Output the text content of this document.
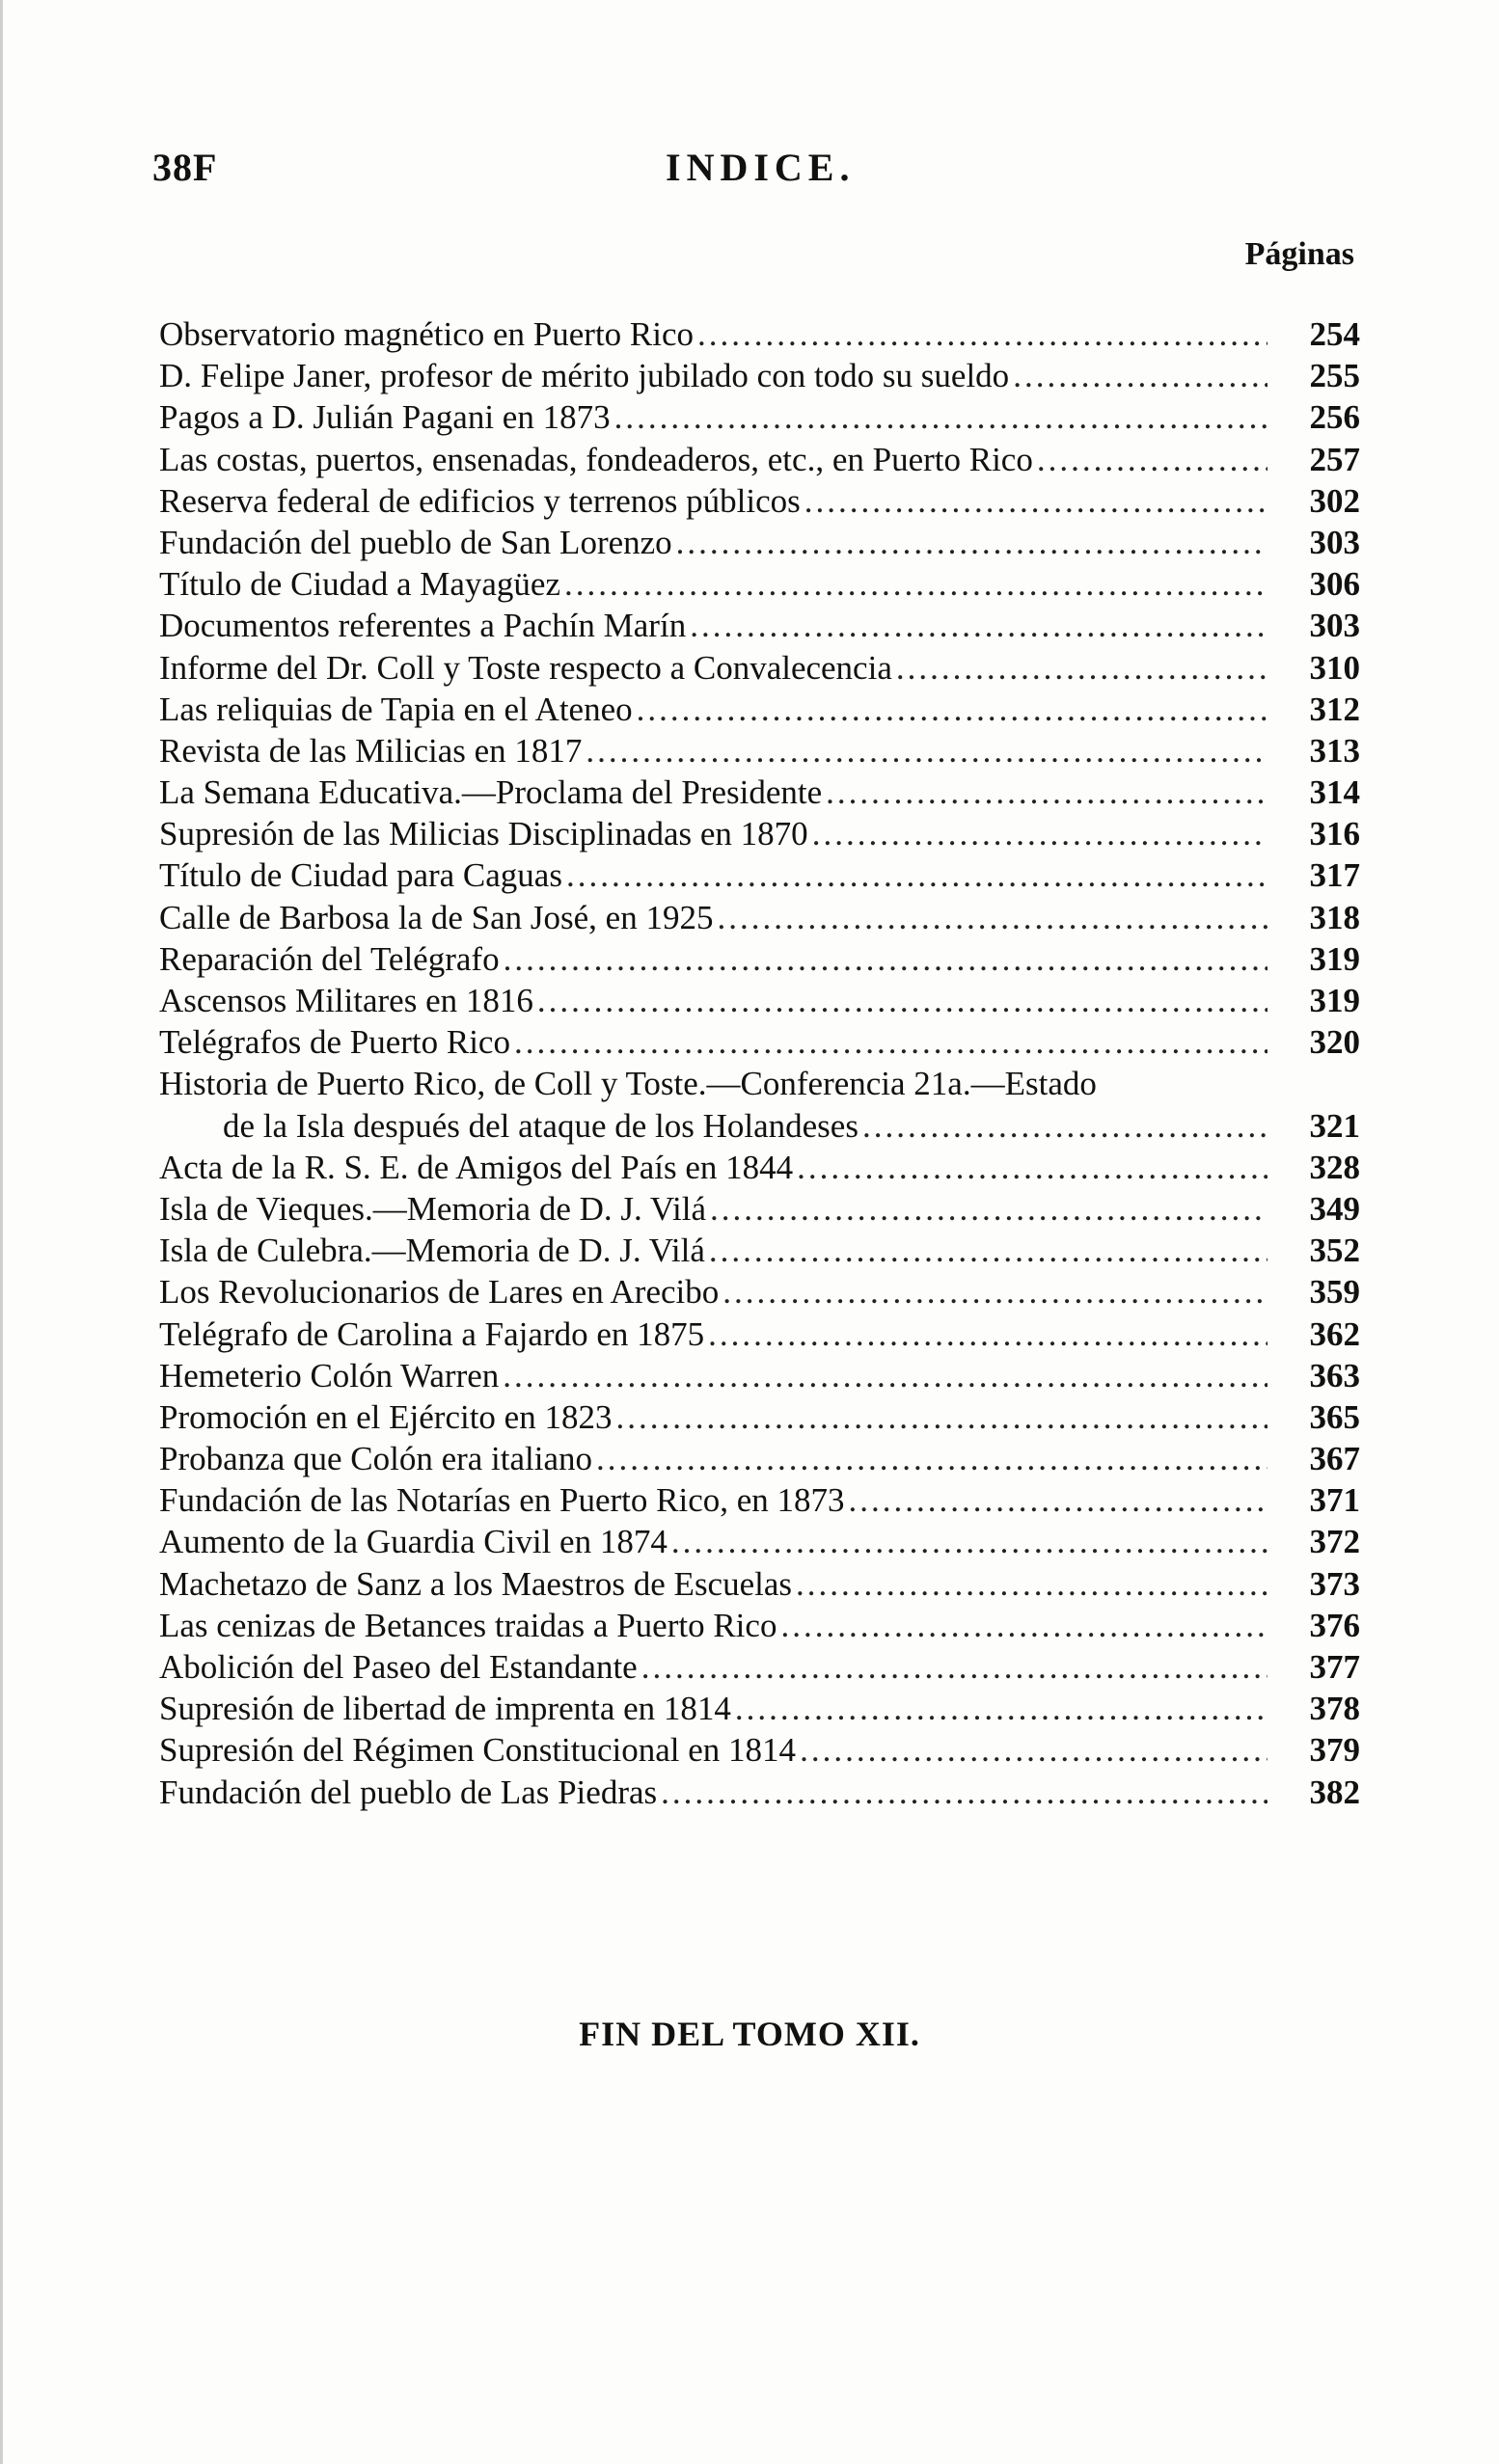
38F	INDICE.
Páginas
Observatorio magnético en Puerto Rico .....	254
D. Felipe Janer, profesor de mérito jubilado con todo su sueldo .....	255
Pagos a D. Julián Pagani en 1873 .....	256
Las costas, puertos, ensenadas, fondeaderos, etc., en Puerto Rico .....	257
Reserva federal de edificios y terrenos públicos .....	302
Fundación del pueblo de San Lorenzo .....	303
Título de Ciudad a Mayagüez .....	306
Documentos referentes a Pachín Marín .....	303
Informe del Dr. Coll y Toste respecto a Convalecencia .....	310
Las reliquias de Tapia en el Ateneo .....	312
Revista de las Milicias en 1817 .....	313
La Semana Educativa.—Proclama del Presidente .....	314
Supresión de las Milicias Disciplinadas en 1870 .....	316
Título de Ciudad para Caguas .....	317
Calle de Barbosa la de San José, en 1925 .....	318
Reparación del Telégrafo .....	319
Ascensos Militares en 1816 .....	319
Telégrafos de Puerto Rico .....	320
Historia de Puerto Rico, de Coll y Toste.—Conferencia 21a.—Estado
de la Isla después del ataque de los Holandeses .....	321
Acta de la R. S. E. de Amigos del País en 1844 .....	328
Isla de Vieques.—Memoria de D. J. Vilá .....	349
Isla de Culebra.—Memoria de D. J. Vilá .....	352
Los Revolucionarios de Lares en Arecibo .....	359
Telégrafo de Carolina a Fajardo en 1875 .....	362
Hemeterio Colón Warren .....	363
Promoción en el Ejército en 1823 .....	365
Probanza que Colón era italiano .....	367
Fundación de las Notarías en Puerto Rico, en 1873 .....	371
Aumento de la Guardia Civil en 1874 .....	372
Machetazo de Sanz a los Maestros de Escuelas .....	373
Las cenizas de Betances traidas a Puerto Rico .....	376
Abolición del Paseo del Estandante .....	377
Supresión de libertad de imprenta en 1814 .....	378
Supresión del Régimen Constitucional en 1814 .....	379
Fundación del pueblo de Las Piedras .....	382
FIN DEL TOMO XII.
